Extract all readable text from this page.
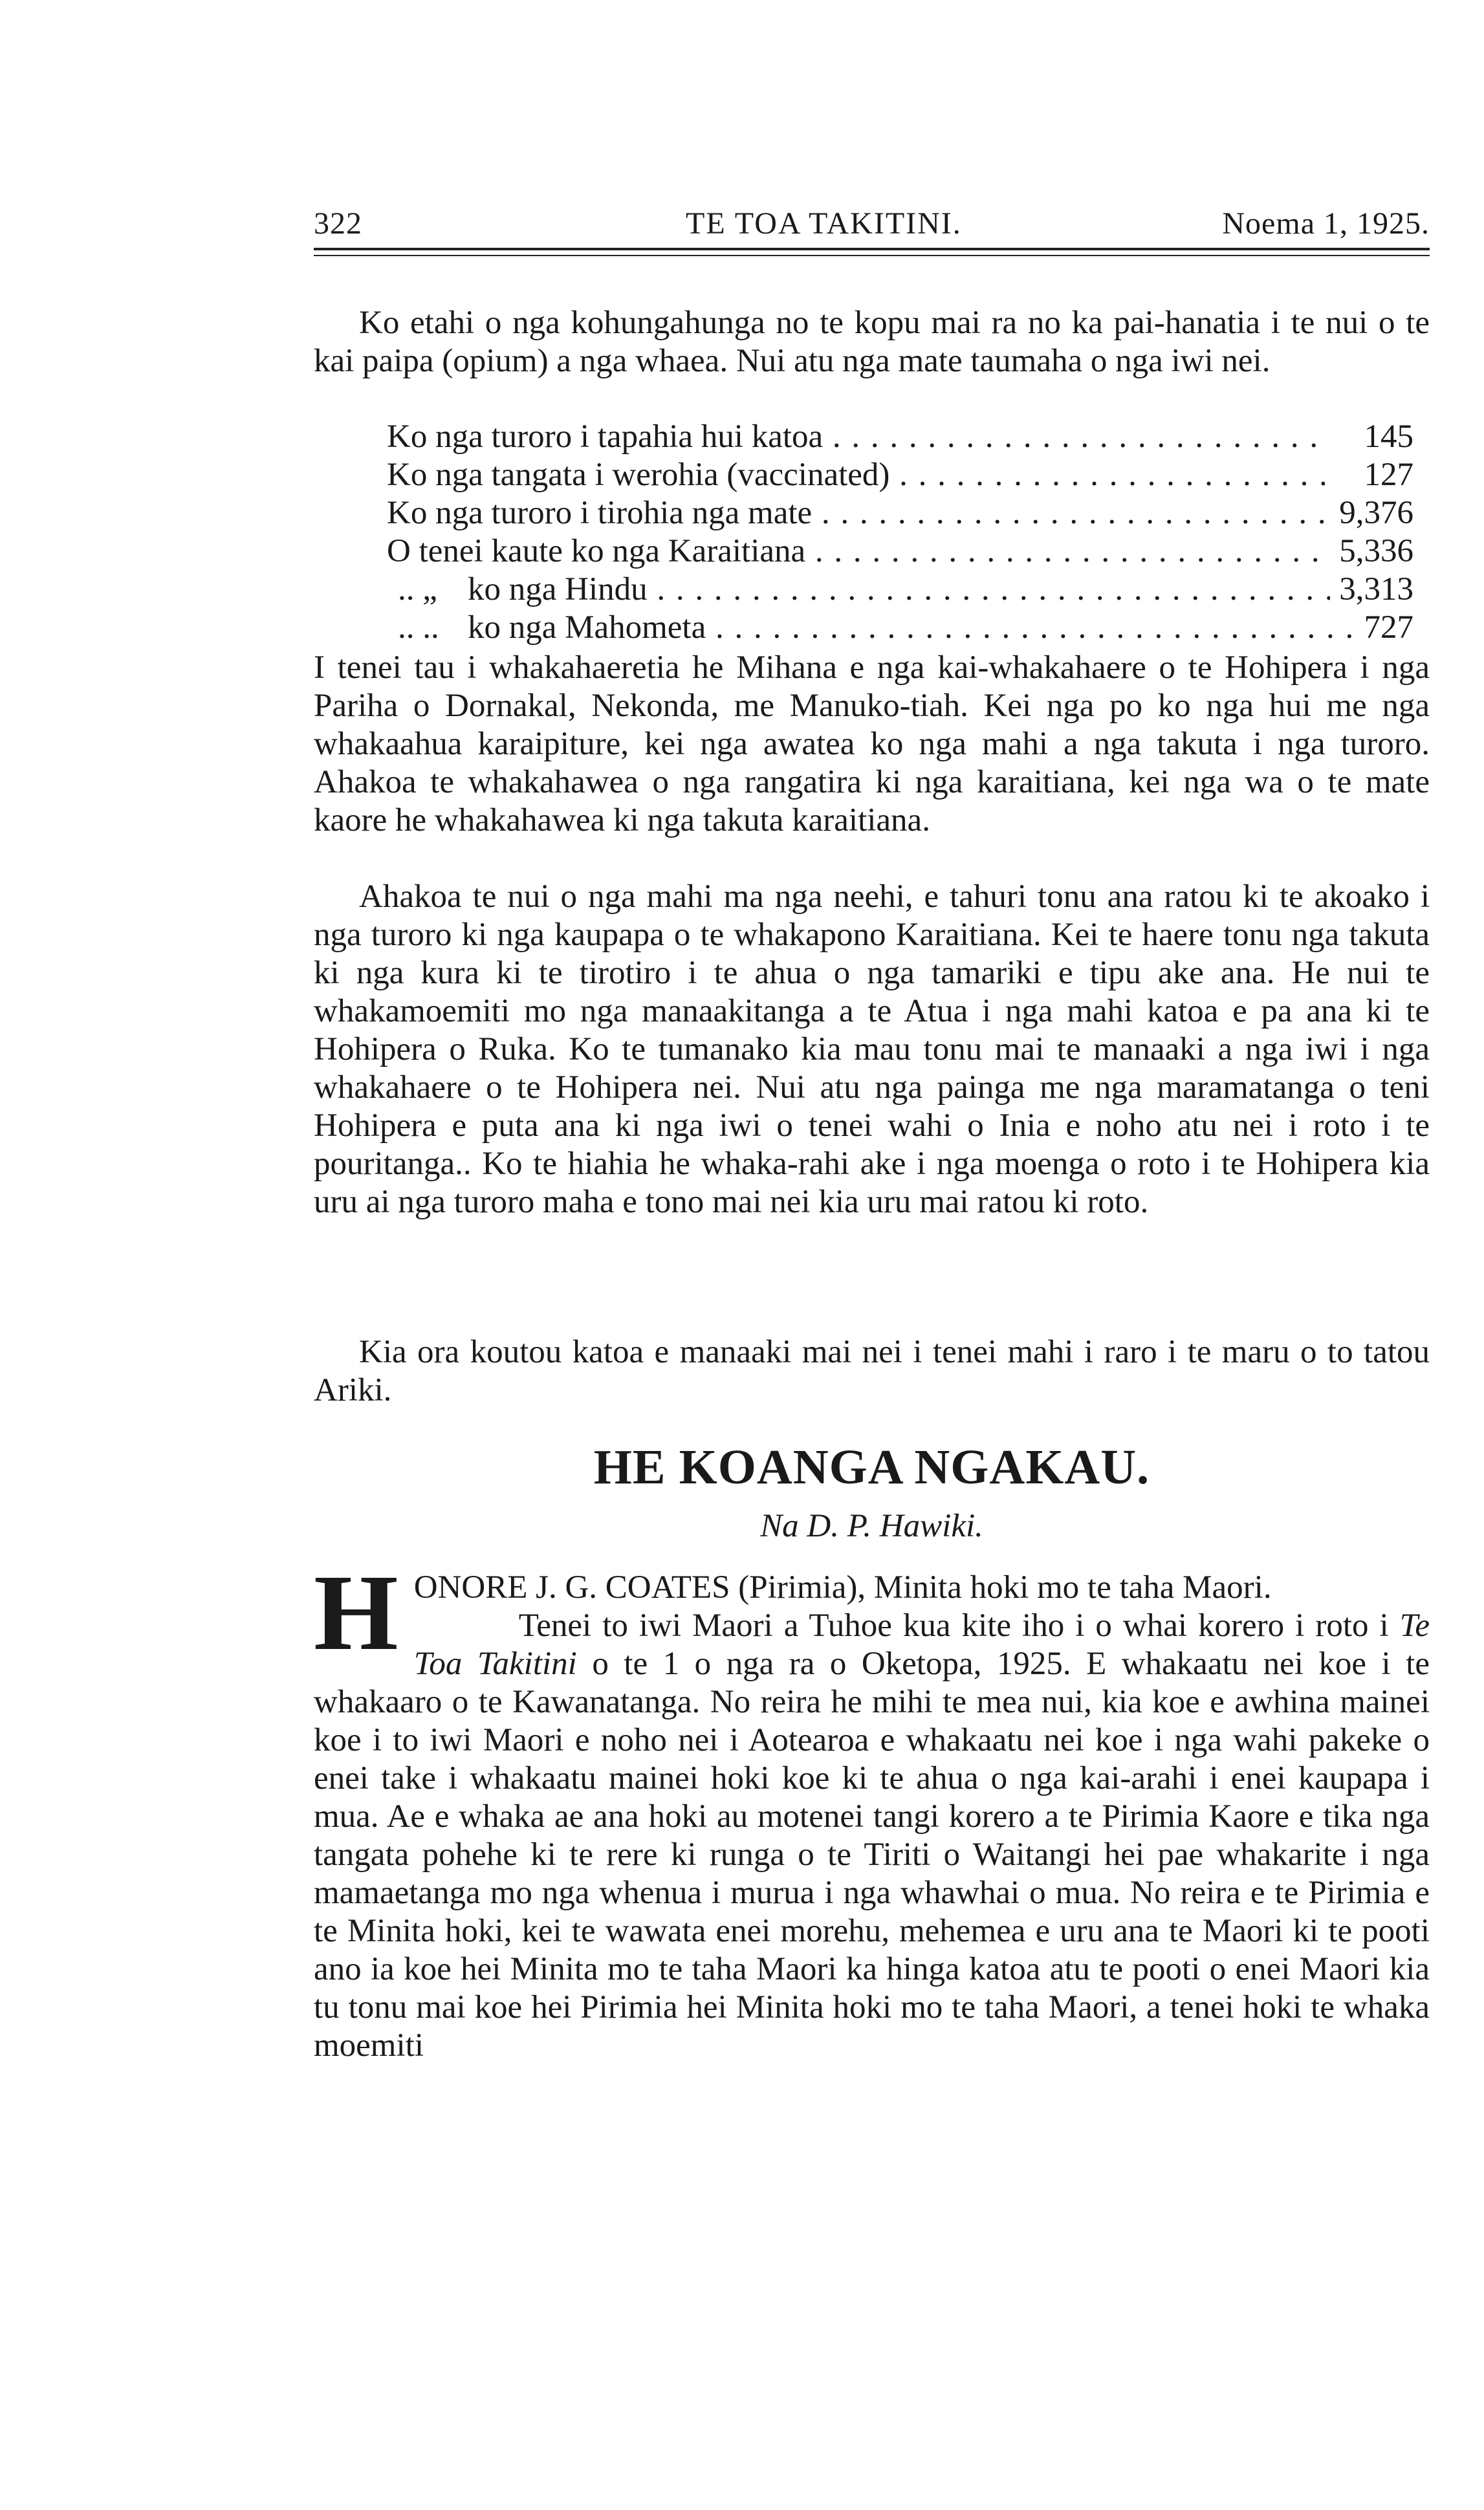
322	TE TOA TAKITINI.	Noema 1, 1925.

Ko etahi o nga kohungahunga no te kopu mai ra no ka pai-hanatia i te nui o te kai paipa (opium) a nga whaea. Nui atu nga mate taumaha o nga iwi nei.

Ko nga turoro i tapahia hui katoa . . .	145
Ko nga tangata i werohia (vaccinated) . . .	127
Ko nga turoro i tirohia nga mate . . .	9,376
O tenei kaute ko nga Karaitiana . . .	5,336
.. „ ko nga Hindu . . .	3,313
.. .. ko nga Mahometa . . .	727

I tenei tau i whakahaeretia he Mihana e nga kai-whakahaere o te Hohipera i nga Pariha o Dornakal, Nekonda, me Manuko-tiah. Kei nga po ko nga hui me nga whakaahua karaipiture, kei nga awatea ko nga mahi a nga takuta i nga turoro. Ahakoa te whakahawea o nga rangatira ki nga karaitiana, kei nga wa o te mate kaore he whakahawea ki nga takuta karaitiana.

Ahakoa te nui o nga mahi ma nga neehi, e tahuri tonu ana ratou ki te akoako i nga turoro ki nga kaupapa o te whakapono Karaitiana. Kei te haere tonu nga takuta ki nga kura ki te tirotiro i te ahua o nga tamariki e tipu ake ana. He nui te whakamoemiti mo nga manaakitanga a te Atua i nga mahi katoa e pa ana ki te Hohipera o Ruka. Ko te tumanako kia mau tonu mai te manaaki a nga iwi i nga whakahaere o te Hohipera nei. Nui atu nga painga me nga maramatanga o teni Hohipera e puta ana ki nga iwi o tenei wahi o Inia e noho atu nei i roto i te pouritanga.. Ko te hiahia he whaka-rahi ake i nga moenga o roto i te Hohipera kia uru ai nga turoro maha e tono mai nei kia uru mai ratou ki roto.

Kia ora koutou katoa e manaaki mai nei i tenei mahi i raro i te maru o to tatou Ariki.

HE KOANGA NGAKAU.
Na D. P. Hawiki.
H ONORE J. G. COATES (Pirimia), Minita hoki mo te taha Maori.

Tenei to iwi Maori a Tuhoe kua kite iho i o whai korero i roto i Te Toa Takitini o te 1 o nga ra o Oketopa, 1925. E whakaatu nei koe i te whakaaro o te Kawanatanga. No reira he mihi te mea nui, kia koe e awhina mainei koe i to iwi Maori e noho nei i Aotearoa e whakaatu nei koe i nga wahi pakeke o enei take i whakaatu mainei hoki koe ki te ahua o nga kai-arahi i enei kaupapa i mua. Ae e whaka ae ana hoki au motenei tangi korero a te Pirimia Kaore e tika nga tangata pohehe ki te rere ki runga o te Tiriti o Waitangi hei pae whakarite i nga mamaetanga mo nga whenua i murua i nga whawhai o mua. No reira e te Pirimia e te Minita hoki, kei te wawata enei morehu, mehemea e uru ana te Maori ki te pooti ano ia koe hei Minita mo te taha Maori ka hinga katoa atu te pooti o enei Maori kia tu tonu mai koe hei Pirimia hei Minita hoki mo te taha Maori, a tenei hoki te whaka moemiti
